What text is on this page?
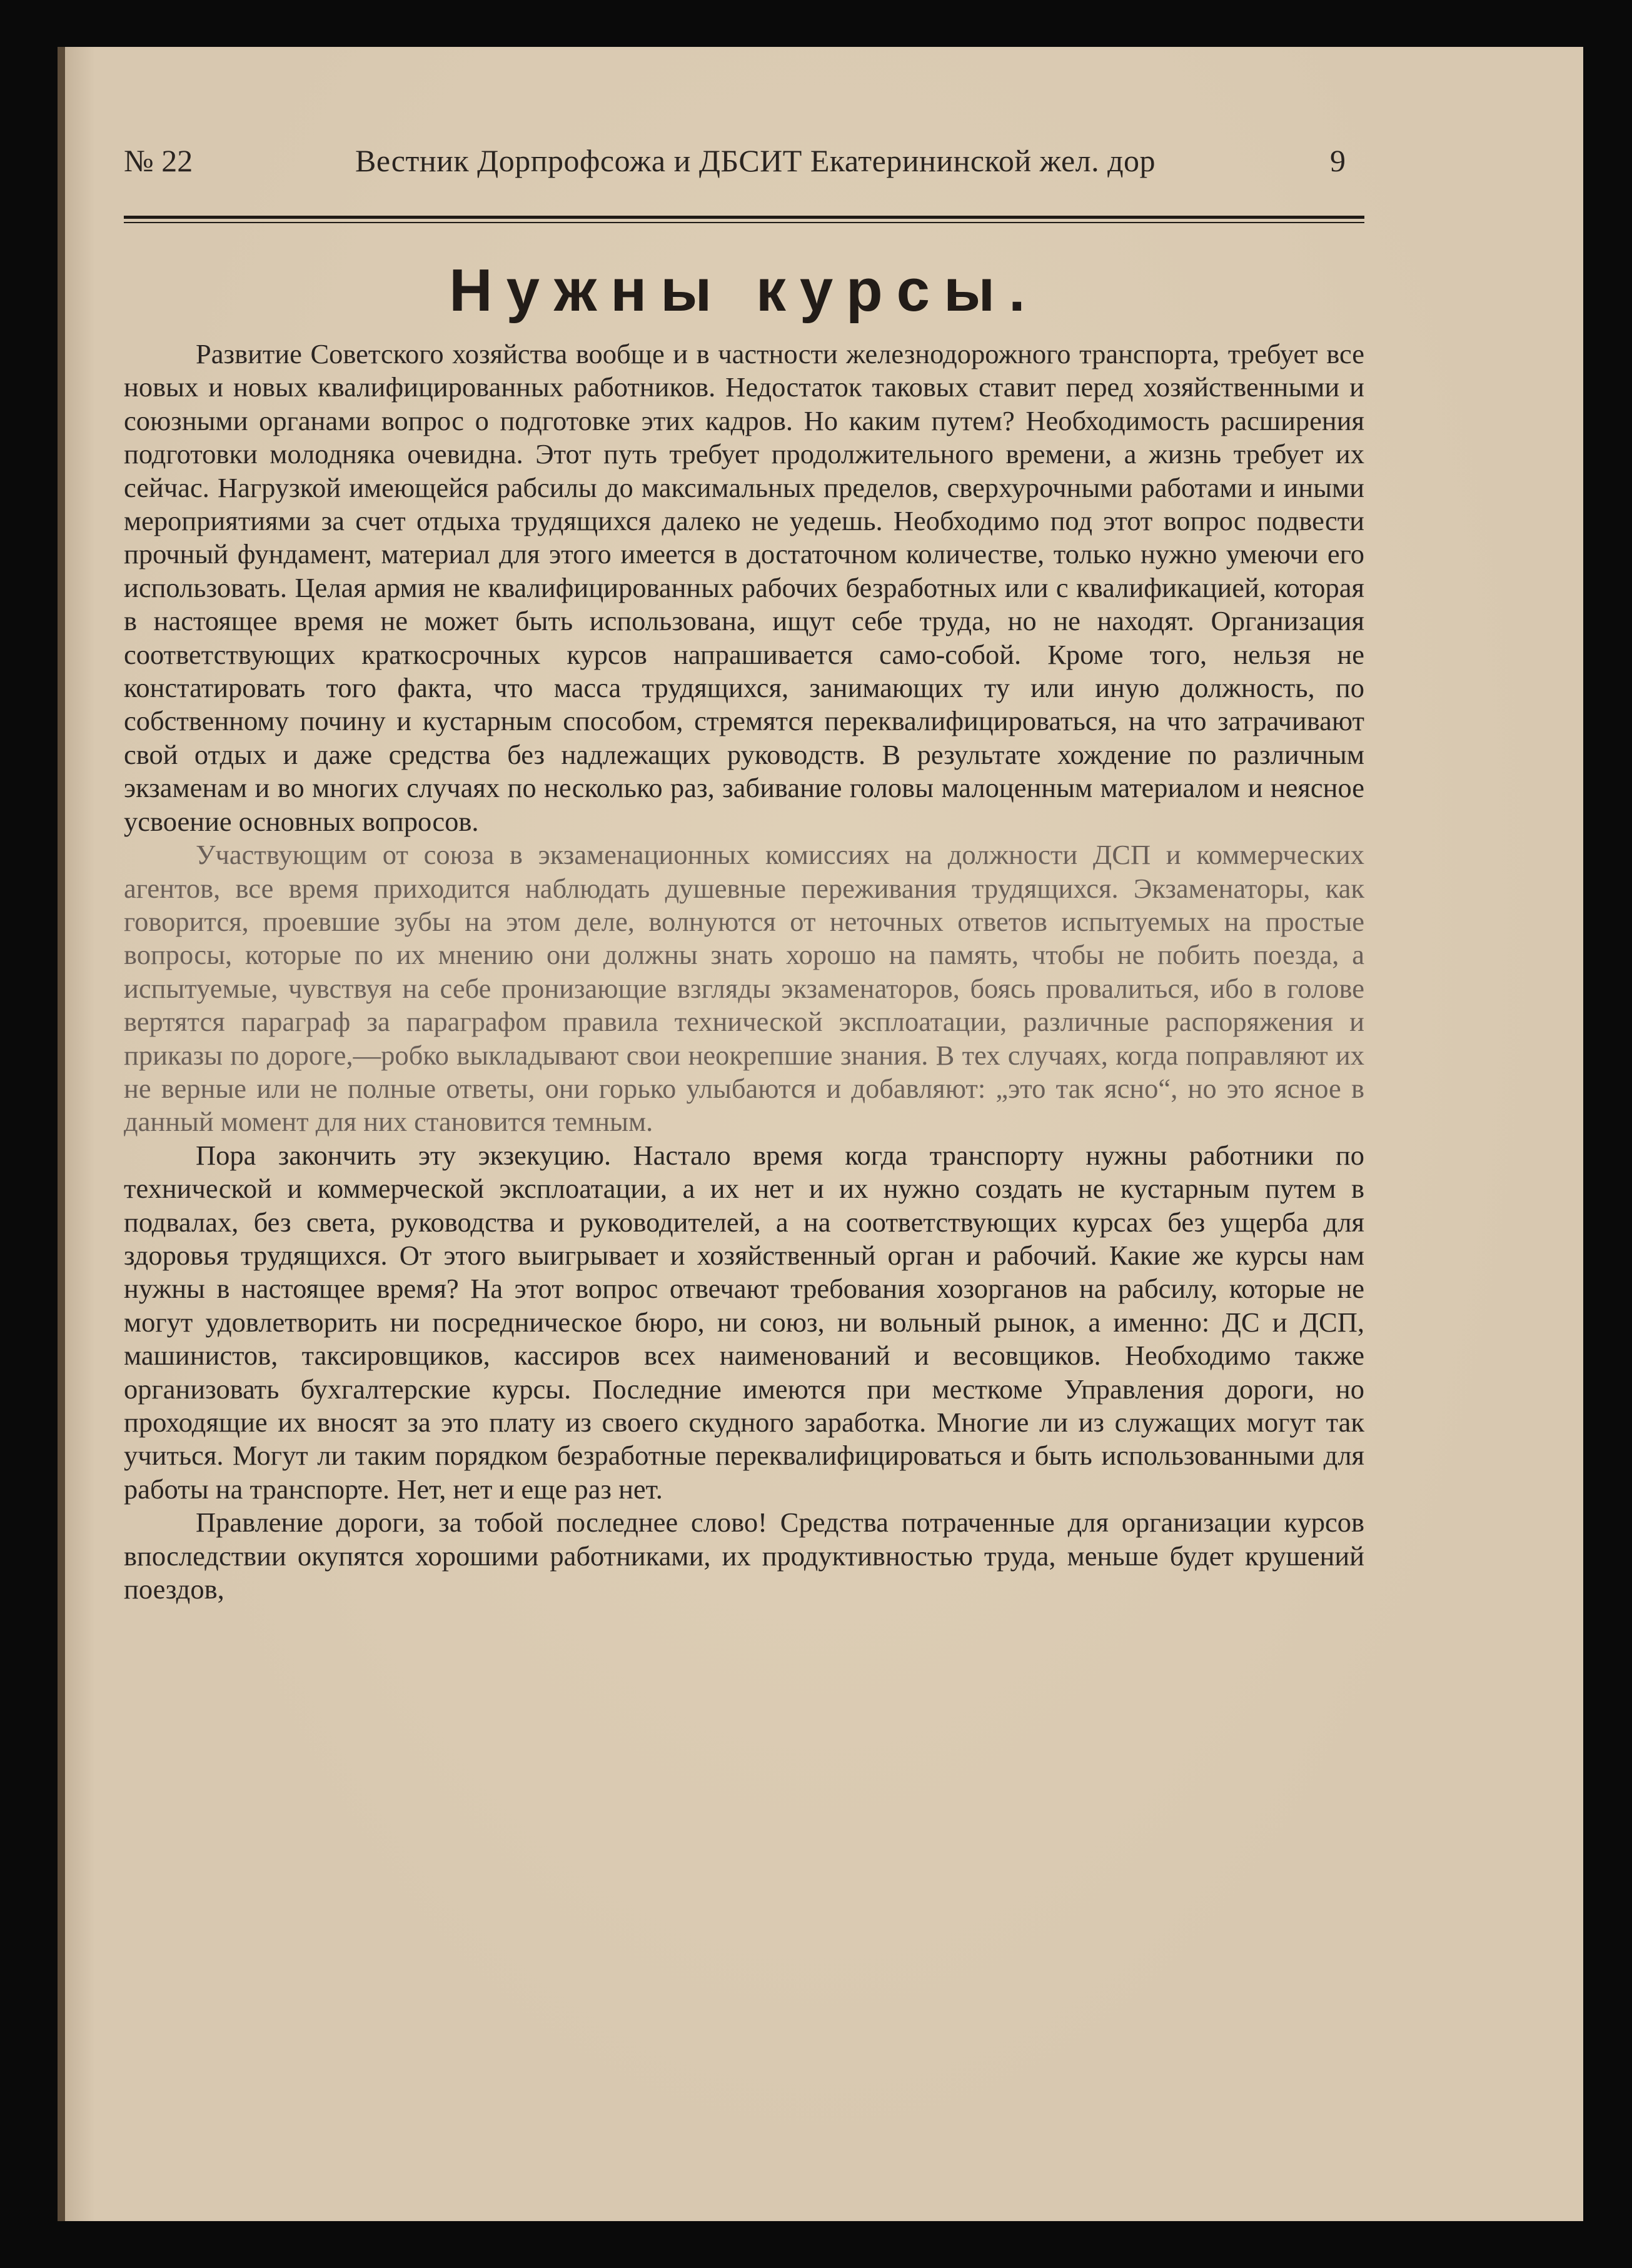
№ 22	Вестник Дорпрофсожа и ДБСИТ Екатерининской жел. дор	9
Нужны курсы.

Развитие Советского хозяйства вообще и в частности железнодорожного транспорта, требует все новых и новых квалифицированных работников. Недостаток таковых ставит перед хозяйственными и союзными органами вопрос о подготовке этих кадров. Но каким путем? Необходимость расширения подготовки молодняка очевидна. Этот путь требует продолжительного времени, а жизнь требует их сейчас. Нагрузкой имеющейся рабсилы до максимальных пределов, сверхурочными работами и иными мероприятиями за счет отдыха трудящихся далеко не уедешь. Необходимо под этот вопрос подвести прочный фундамент, материал для этого имеется в достаточном количестве, только нужно умеючи его использовать. Целая армия не квалифицированных рабочих безработных или с квалификацией, которая в настоящее время не может быть использована, ищут себе труда, но не находят. Организация соответствующих краткосрочных курсов напрашивается само-собой. Кроме того, нельзя не констатировать того факта, что масса трудящихся, занимающих ту или иную должность, по собственному почину и кустарным способом, стремятся переквалифицироваться, на что затрачивают свой отдых и даже средства без надлежащих руководств. В результате хождение по различным экзаменам и во многих случаях по несколько раз, забивание головы малоценным материалом и неясное усвоение основных вопросов.

Участвующим от союза в экзаменационных комиссиях на должности ДСП и коммерческих агентов, все время приходится наблюдать душевные переживания трудящихся. Экзаменаторы, как говорится, проевшие зубы на этом деле, волнуются от неточных ответов испытуемых на простые вопросы, которые по их мнению они должны знать хорошо на память, чтобы не побить поезда, а испытуемые, чувствуя на себе пронизающие взгляды экзаменаторов, боясь провалиться, ибо в голове вертятся параграф за параграфом правила технической эксплоатации, различные распоряжения и приказы по дороге,—робко выкладывают свои неокрепшие знания. В тех случаях, когда поправляют их не верные или не полные ответы, они горько улыбаются и добавляют: „это так ясно“, но это ясное в данный момент для них становится темным.

Пора закончить эту экзекуцию. Настало время когда транспорту нужны работники по технической и коммерческой эксплоатации, а их нет и их нужно создать не кустарным путем в подвалах, без света, руководства и руководителей, а на соответствующих курсах без ущерба для здоровья трудящихся. От этого выигрывает и хозяйственный орган и рабочий. Какие же курсы нам нужны в настоящее время? На этот вопрос отвечают требования хозорганов на рабсилу, которые не могут удовлетворить ни посредническое бюро, ни союз, ни вольный рынок, а именно: ДС и ДСП, машинистов, таксировщиков, кассиров всех наименований и весовщиков. Необходимо также организовать бухгалтерские курсы. Последние имеются при месткоме Управления дороги, но проходящие их вносят за это плату из своего скудного заработка. Многие ли из служащих могут так учиться. Могут ли таким порядком безработные переквалифицироваться и быть использованными для работы на транспорте. Нет, нет и еще раз нет.

Правление дороги, за тобой последнее слово! Средства потраченные для организации курсов впоследствии окупятся хорошими работниками, их продуктивностью труда, меньше будет крушений поездов,
